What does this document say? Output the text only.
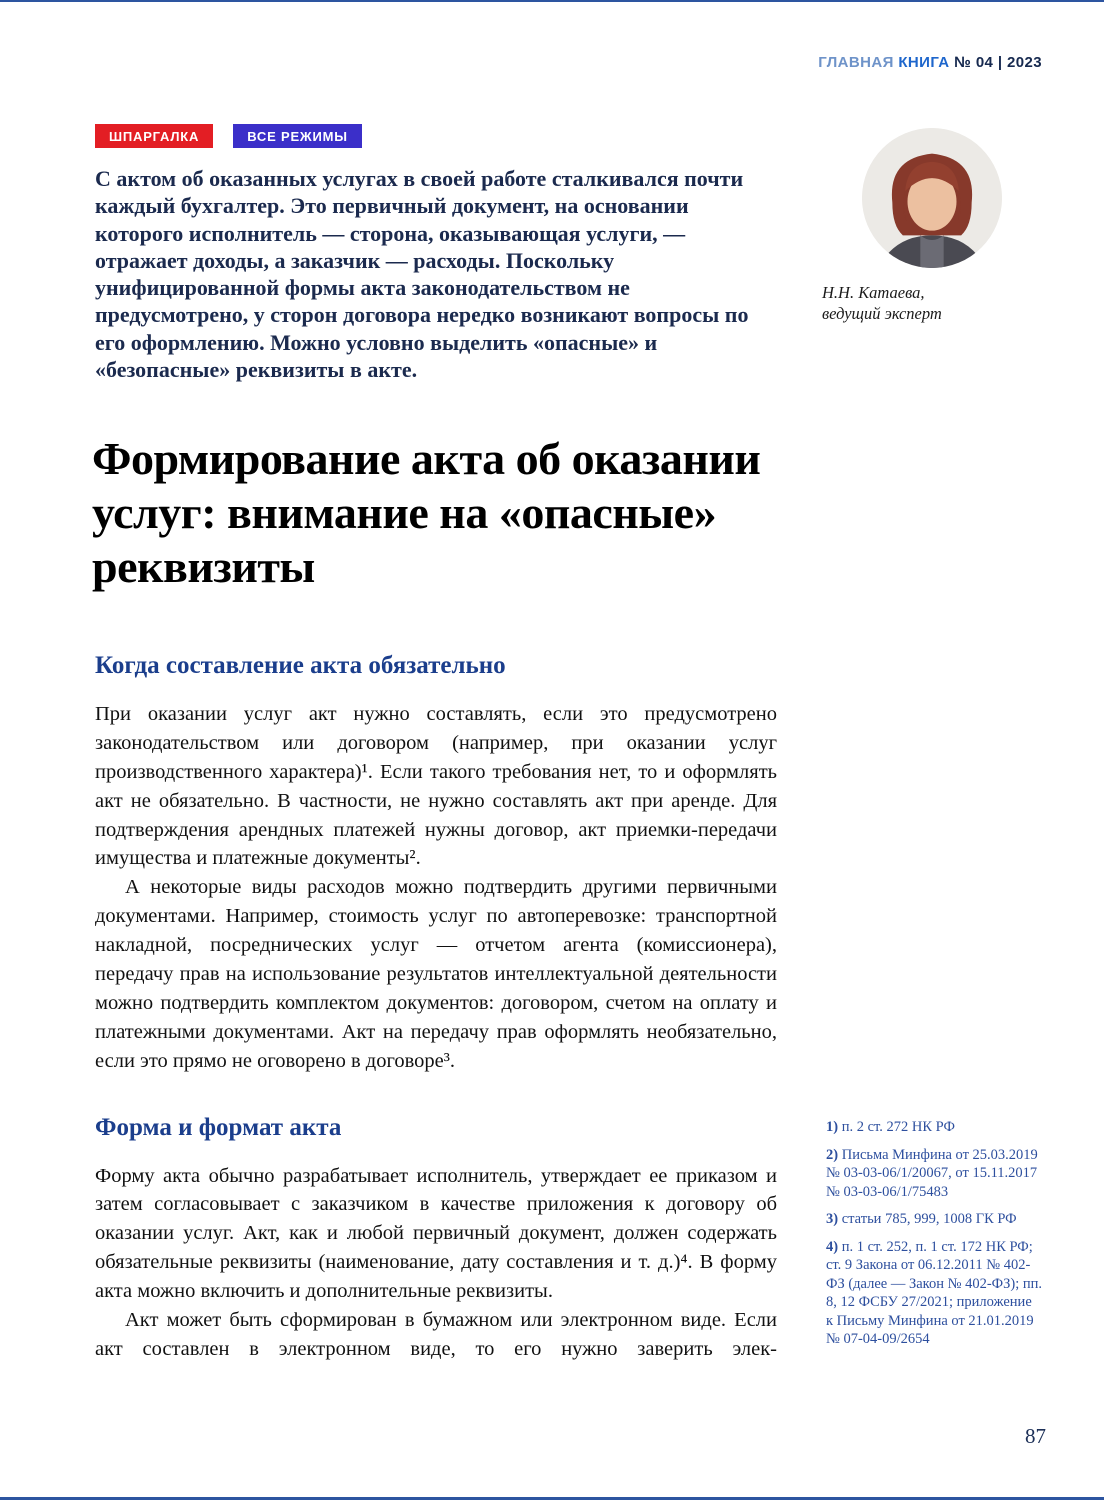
ГЛАВНАЯ КНИГА № 04 | 2023
ШПАРГАЛКА	ВСЕ РЕЖИМЫ
С актом об оказанных услугах в своей работе сталкивался почти каждый бухгалтер. Это первичный документ, на основании которого исполнитель — сторона, оказывающая услуги, — отражает доходы, а заказчик — расходы. Поскольку унифицированной формы акта законодательством не предусмотрено, у сторон договора нередко возникают вопросы по его оформлению. Можно условно выделить «опасные» и «безопасные» реквизиты в акте.
Н.Н. Катаева,
ведущий эксперт
Формирование акта об оказании
услуг: внимание на «опасные»
реквизиты
Когда составление акта обязательно

При оказании услуг акт нужно составлять, если это предусмотрено законодательством или договором (например, при оказании услуг производственного характера)¹. Если такого требования нет, то и оформлять акт не обязательно. В частности, не нужно составлять акт при аренде. Для подтверждения арендных платежей нужны договор, акт приемки-передачи имущества и платежные документы².

А некоторые виды расходов можно подтвердить другими первичными документами. Например, стоимость услуг по автоперевозке: транспортной накладной, посреднических услуг — отчетом агента (комиссионера), передачу прав на использование результатов интеллектуальной деятельности можно подтвердить комплектом документов: договором, счетом на оплату и платежными документами. Акт на передачу прав оформлять необязательно, если это прямо не оговорено в договоре³.

Форма и формат акта

Форму акта обычно разрабатывает исполнитель, утверждает ее приказом и затем согласовывает с заказчиком в качестве приложения к договору об оказании услуг. Акт, как и любой первичный документ, должен содержать обязательные реквизиты (наименование, дату составления и т. д.)⁴. В форму акта можно включить и дополнительные реквизиты.

Акт может быть сформирован в бумажном или электронном виде. Если акт составлен в электронном виде, то его нужно заверить элек-

1) п. 2 ст. 272 НК РФ
2) Письма Минфина от 25.03.2019 № 03-03-06/1/20067, от 15.11.2017 № 03-03-06/1/75483
3) статьи 785, 999, 1008 ГК РФ
4) п. 1 ст. 252, п. 1 ст. 172 НК РФ; ст. 9 Закона от 06.12.2011 № 402-ФЗ (далее — Закон № 402-ФЗ); пп. 8, 12 ФСБУ 27/2021; приложение к Письму Минфина от 21.01.2019 № 07-04-09/2654
87
